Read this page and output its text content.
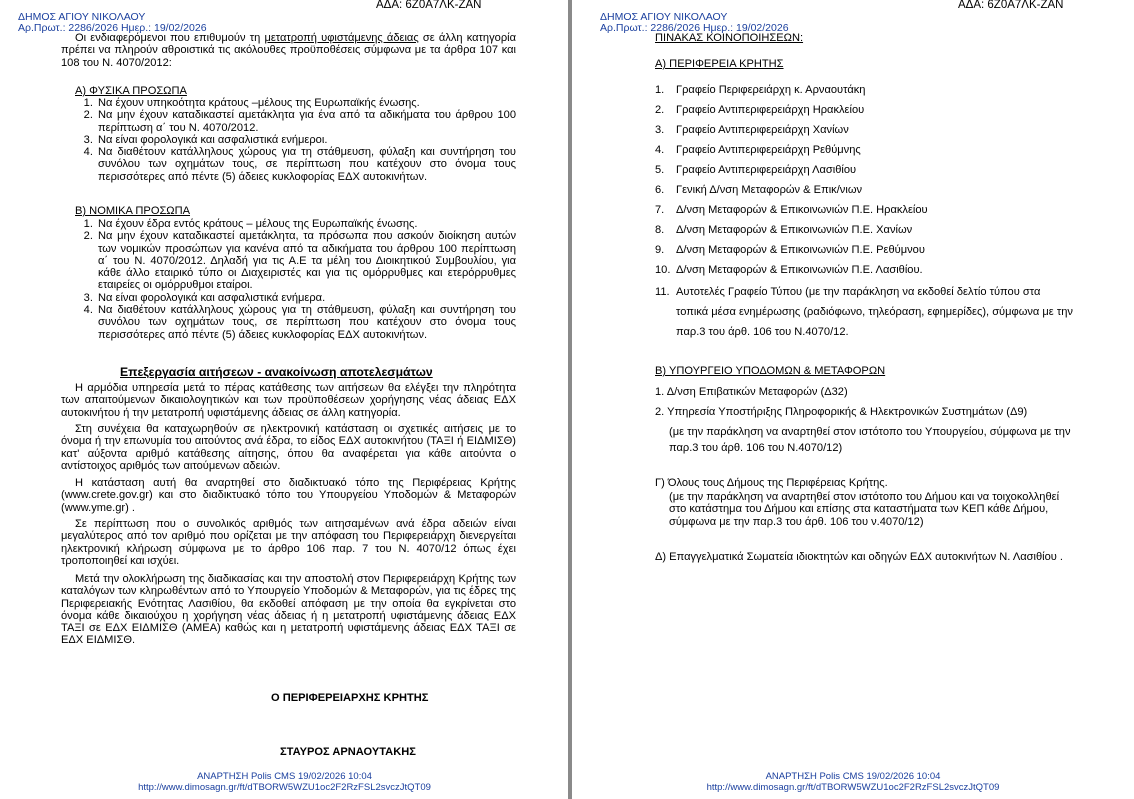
ΔΗΜΟΣ ΑΓΙΟΥ ΝΙΚΟΛΑΟΥ
Αρ.Πρωτ.: 2286/2026 Ημερ.: 19/02/2026
ΑΔΑ: 6Ζ0Α7ΛΚ-ΖΑΝ
Οι ενδιαφερόμενοι που επιθυμούν τη μετατροπή υφιστάμενης άδειας σε άλλη κατηγορία πρέπει να πληρούν αθροιστικά τις ακόλουθες προϋποθέσεις σύμφωνα με τα άρθρα 107 και 108 του Ν. 4070/2012:
Α) ΦΥΣΙΚΑ ΠΡΟΣΩΠΑ
1. Να έχουν υπηκοότητα κράτους –μέλους της Ευρωπαϊκής ένωσης.
2. Να μην έχουν καταδικαστεί αμετάκλητα για ένα από τα αδικήματα του άρθρου 100 περίπτωση α΄ του Ν. 4070/2012.
3. Να είναι φορολογικά και ασφαλιστικά ενήμεροι.
4. Να διαθέτουν κατάλληλους χώρους για τη στάθμευση, φύλαξη και συντήρηση του συνόλου των οχημάτων τους, σε περίπτωση που κατέχουν στο όνομα τους περισσότερες από πέντε (5) άδειες κυκλοφορίας ΕΔΧ αυτοκινήτων.
Β) ΝΟΜΙΚΑ ΠΡΟΣΩΠΑ
1. Να έχουν έδρα εντός κράτους – μέλους της Ευρωπαϊκής ένωσης.
2. Να μην έχουν καταδικαστεί αμετάκλητα, τα πρόσωπα που ασκούν διοίκηση αυτών των νομικών προσώπων για κανένα από τα αδικήματα του άρθρου 100 περίπτωση α΄ του Ν. 4070/2012. Δηλαδή για τις Α.Ε τα μέλη του Διοικητικού Συμβουλίου, για κάθε άλλο εταιρικό τύπο οι Διαχειριστές και για τις ομόρρυθμες και ετερόρρυθμες εταιρείες οι ομόρρυθμοι εταίροι.
3. Να είναι φορολογικά και ασφαλιστικά ενήμερα.
4. Να διαθέτουν κατάλληλους χώρους για τη στάθμευση, φύλαξη και συντήρηση του συνόλου των οχημάτων τους, σε περίπτωση που κατέχουν στο όνομα τους περισσότερες από πέντε (5) άδειες κυκλοφορίας ΕΔΧ αυτοκινήτων.
Επεξεργασία αιτήσεων - ανακοίνωση αποτελεσμάτων
Η αρμόδια υπηρεσία μετά το πέρας κατάθεσης των αιτήσεων θα ελέγξει την πληρότητα των απαιτούμενων δικαιολογητικών και των προϋποθέσεων χορήγησης νέας άδειας ΕΔΧ αυτοκινήτου ή την μετατροπή υφιστάμενης άδειας σε άλλη κατηγορία.
Στη συνέχεια θα καταχωρηθούν σε ηλεκτρονική κατάσταση οι σχετικές αιτήσεις με το όνομα ή την επωνυμία του αιτούντος ανά έδρα, το είδος ΕΔΧ αυτοκινήτου (ΤΑΞΙ ή ΕΙΔΜΙΣΘ) κατ' αύξοντα αριθμό κατάθεσης αίτησης, όπου θα αναφέρεται για κάθε αιτούντα ο αντίστοιχος αριθμός των αιτούμενων αδειών.
Η κατάσταση αυτή θα αναρτηθεί στο διαδικτυακό τόπο της Περιφέρειας Κρήτης (www.crete.gov.gr) και στο διαδικτυακό τόπο του Υπουργείου Υποδομών & Μεταφορών (www.yme.gr) .
Σε περίπτωση που ο συνολικός αριθμός των αιτησαμένων ανά έδρα αδειών είναι μεγαλύτερος από τον αριθμό που ορίζεται με την απόφαση του Περιφερειάρχη διενεργείται ηλεκτρονική κλήρωση σύμφωνα με το άρθρο 106 παρ. 7 του Ν. 4070/12 όπως έχει τροποποιηθεί και ισχύει.
Μετά την ολοκλήρωση της διαδικασίας και την αποστολή στον Περιφερειάρχη Κρήτης των καταλόγων των κληρωθέντων από το Υπουργείο Υποδομών & Μεταφορών, για τις έδρες της Περιφερειακής Ενότητας Λασιθίου, θα εκδοθεί απόφαση με την οποία θα εγκρίνεται στο όνομα κάθε δικαιούχου η χορήγηση νέας άδειας ή η μετατροπή υφιστάμενης άδειας ΕΔΧ ΤΑΞΙ σε ΕΔΧ ΕΙΔΜΙΣΘ (ΑΜΕΑ) καθώς και η μετατροπή υφιστάμενης άδειας ΕΔΧ ΤΑΞΙ σε ΕΔΧ ΕΙΔΜΙΣΘ.
Ο ΠΕΡΙΦΕΡΕΙΑΡΧΗΣ ΚΡΗΤΗΣ
ΣΤΑΥΡΟΣ ΑΡΝΑΟΥΤΑΚΗΣ
ΑΝΑΡΤΗΣΗ Polis CMS 19/02/2026 10:04
http://www.dimosagn.gr/ft/dTBORW5WZU1oc2F2RzFSL2svczJtQT09
ΔΗΜΟΣ ΑΓΙΟΥ ΝΙΚΟΛΑΟΥ
Αρ.Πρωτ.: 2286/2026 Ημερ.: 19/02/2026
ΑΔΑ: 6Ζ0Α7ΛΚ-ΖΑΝ
ΠΙΝΑΚΑΣ ΚΟΙΝΟΠΟΙΗΣΕΩΝ:
Α) ΠΕΡΙΦΕΡΕΙΑ ΚΡΗΤΗΣ
1. Γραφείο Περιφερειάρχη κ. Αρναουτάκη
2. Γραφείο Αντιπεριφερειάρχη Ηρακλείου
3. Γραφείο Αντιπεριφερειάρχη Χανίων
4. Γραφείο Αντιπεριφερειάρχη Ρεθύμνης
5. Γραφείο Αντιπεριφερειάρχη Λασιθίου
6. Γενική Δ/νση Μεταφορών & Επικ/νιων
7. Δ/νση Μεταφορών & Επικοινωνιών Π.Ε. Ηρακλείου
8. Δ/νση Μεταφορών & Επικοινωνιών Π.Ε. Χανίων
9. Δ/νση Μεταφορών & Επικοινωνιών Π.Ε. Ρεθύμνου
10. Δ/νση Μεταφορών & Επικοινωνιών Π.Ε. Λασιθίου.
11. Αυτοτελές Γραφείο Τύπου (με την παράκληση να εκδοθεί δελτίο τύπου στα
τοπικά μέσα ενημέρωσης (ραδιόφωνο, τηλεόραση, εφημερίδες), σύμφωνα με την
παρ.3 του άρθ. 106 του Ν.4070/12.
Β) ΥΠΟΥΡΓΕΙΟ ΥΠΟΔΟΜΩΝ & ΜΕΤΑΦΟΡΩΝ
1. Δ/νση Επιβατικών Μεταφορών (Δ32)
2. Υπηρεσία Υποστήριξης Πληροφορικής & Ηλεκτρονικών Συστημάτων (Δ9)
(με την παράκληση να αναρτηθεί στον ιστότοπο του Υπουργείου, σύμφωνα με την
παρ.3 του άρθ. 106 του Ν.4070/12)
Γ) Όλους τους Δήμους της Περιφέρειας Κρήτης.
(με την παράκληση να αναρτηθεί στον ιστότοπο του Δήμου και να τοιχοκολληθεί
στο κατάστημα του Δήμου και επίσης στα καταστήματα των ΚΕΠ κάθε Δήμου,
σύμφωνα με την παρ.3 του άρθ. 106 του ν.4070/12)
Δ) Επαγγελματικά Σωματεία ιδιοκτητών και οδηγών ΕΔΧ αυτοκινήτων Ν. Λασιθίου .
ΑΝΑΡΤΗΣΗ Polis CMS 19/02/2026 10:04
http://www.dimosagn.gr/ft/dTBORW5WZU1oc2F2RzFSL2svczJtQT09
